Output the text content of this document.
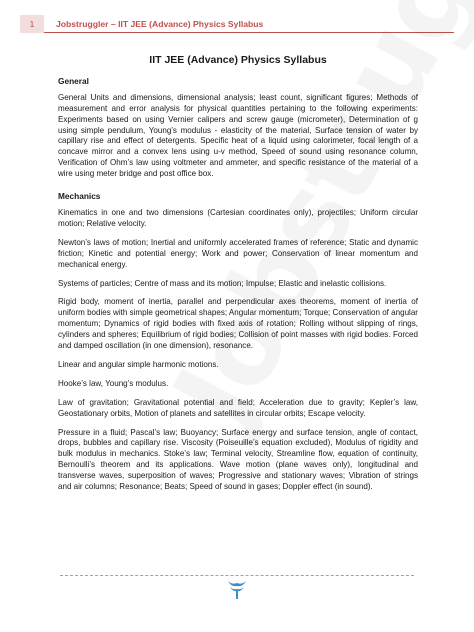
1	Jobstruggler – IIT JEE (Advance) Physics Syllabus
IIT JEE (Advance) Physics Syllabus
General

General Units and dimensions, dimensional analysis; least count, significant figures; Methods of measurement and error analysis for physical quantities pertaining to the following experiments: Experiments based on using Vernier calipers and screw gauge (micrometer), Determination of g using simple pendulum, Young’s modulus - elasticity of the material, Surface tension of water by capillary rise and effect of detergents. Specific heat of a liquid using calorimeter, focal length of a concave mirror and a convex lens using u-v method, Speed of sound using resonance column, Verification of Ohm’s law using voltmeter and ammeter, and specific resistance of the material of a wire using meter bridge and post office box.

Mechanics

Kinematics in one and two dimensions (Cartesian coordinates only), projectiles; Uniform circular motion; Relative velocity.

Newton’s laws of motion; Inertial and uniformly accelerated frames of reference; Static and dynamic friction; Kinetic and potential energy; Work and power; Conservation of linear momentum and mechanical energy.

Systems of particles; Centre of mass and its motion; Impulse; Elastic and inelastic collisions.

Rigid body, moment of inertia, parallel and perpendicular axes theorems, moment of inertia of uniform bodies with simple geometrical shapes; Angular momentum; Torque; Conservation of angular momentum; Dynamics of rigid bodies with fixed axis of rotation; Rolling without slipping of rings, cylinders and spheres; Equilibrium of rigid bodies; Collision of point masses with rigid bodies. Forced and damped oscillation (in one dimension), resonance.

Linear and angular simple harmonic motions.

Hooke’s law, Young’s modulus.

Law of gravitation; Gravitational potential and field; Acceleration due to gravity; Kepler’s law, Geostationary orbits, Motion of planets and satellites in circular orbits; Escape velocity.

Pressure in a fluid; Pascal’s law; Buoyancy; Surface energy and surface tension, angle of contact, drops, bubbles and capillary rise. Viscosity (Poiseuille’s equation excluded), Modulus of rigidity and bulk modulus in mechanics. Stoke’s law; Terminal velocity, Streamline flow, equation of continuity, Bernoulli’s theorem and its applications. Wave motion (plane waves only), longitudinal and transverse waves, superposition of waves; Progressive and stationary waves; Vibration of strings and air columns; Resonance; Beats; Speed of sound in gases; Doppler effect (in sound).
